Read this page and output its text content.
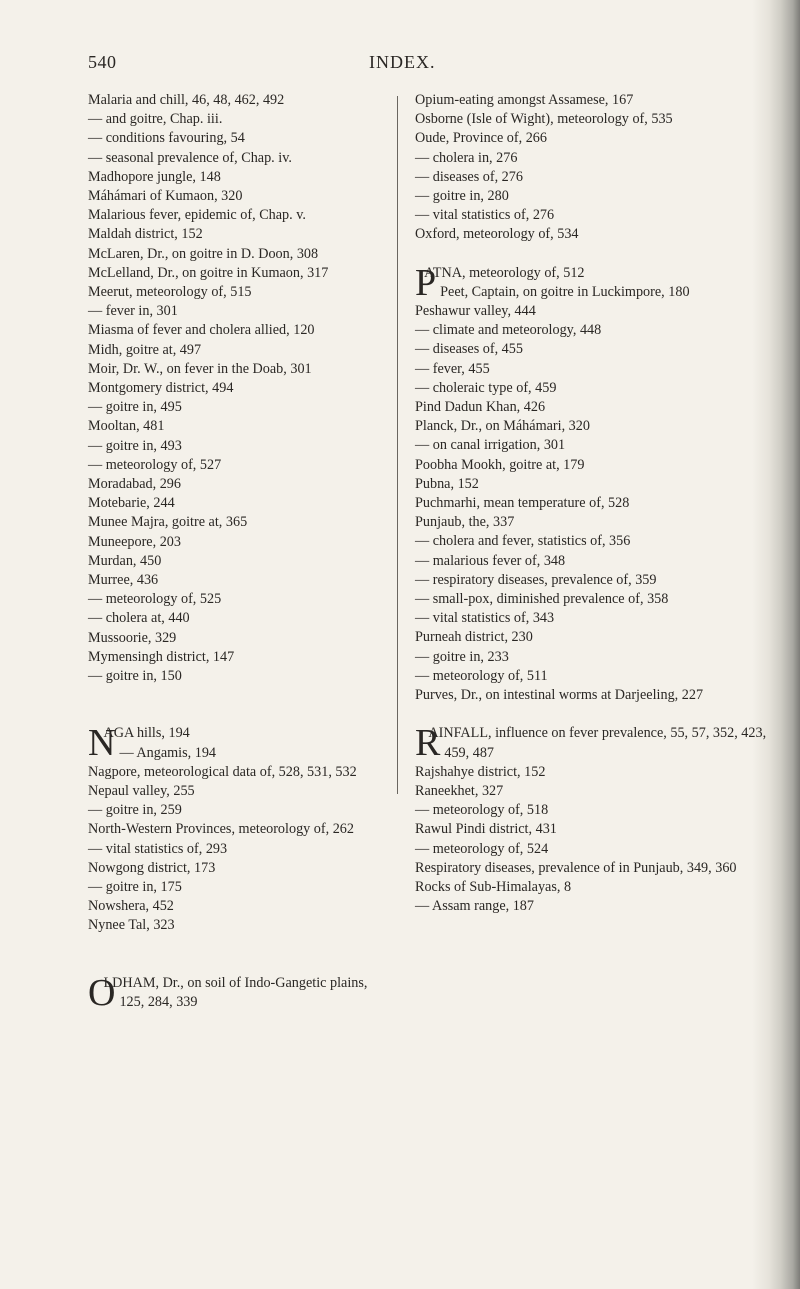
540	INDEX.
Malaria and chill, 46, 48, 462, 492
— and goitre, Chap. iii.
— conditions favouring, 54
— seasonal prevalence of, Chap. iv.
Madhopore jungle, 148
Máhámari of Kumaon, 320
Malarious fever, epidemic of, Chap. v.
Maldah district, 152
McLaren, Dr., on goitre in D. Doon, 308
McLelland, Dr., on goitre in Kumaon, 317
Meerut, meteorology of, 515
— fever in, 301
Miasma of fever and cholera allied, 120
Midh, goitre at, 497
Moir, Dr. W., on fever in the Doab, 301
Montgomery district, 494
— goitre in, 495
Mooltan, 481
— goitre in, 493
— meteorology of, 527
Moradabad, 296
Motebarie, 244
Munee Majra, goitre at, 365
Muneepore, 203
Murdan, 450
Murree, 436
— meteorology of, 525
— cholera at, 440
Mussoorie, 329
Mymensingh district, 147
— goitre in, 150
N
AGA hills, 194
— Angamis, 194
Nagpore, meteorological data of, 528, 531, 532
Nepaul valley, 255
— goitre in, 259
North-Western Provinces, meteorology of, 262
— vital statistics of, 293
Nowgong district, 173
— goitre in, 175
Nowshera, 452
Nynee Tal, 323
O
LDHAM, Dr., on soil of Indo-Gangetic plains, 125, 284, 339
Opium-eating amongst Assamese, 167
Osborne (Isle of Wight), meteorology of, 535
Oude, Province of, 266
— cholera in, 276
— diseases of, 276
— goitre in, 280
— vital statistics of, 276
Oxford, meteorology of, 534
P
ATNA, meteorology of, 512
Peet, Captain, on goitre in Luckimpore, 180
Peshawur valley, 444
— climate and meteorology, 448
— diseases of, 455
— fever, 455
— choleraic type of, 459
Pind Dadun Khan, 426
Planck, Dr., on Máhámari, 320
— on canal irrigation, 301
Poobha Mookh, goitre at, 179
Pubna, 152
Puchmarhi, mean temperature of, 528
Punjaub, the, 337
— cholera and fever, statistics of, 356
— malarious fever of, 348
— respiratory diseases, prevalence of, 359
— small-pox, diminished prevalence of, 358
— vital statistics of, 343
Purneah district, 230
— goitre in, 233
— meteorology of, 511
Purves, Dr., on intestinal worms at Darjeeling, 227
R
AINFALL, influence on fever prevalence, 55, 57, 352, 423, 459, 487
Rajshahye district, 152
Raneekhet, 327
— meteorology of, 518
Rawul Pindi district, 431
— meteorology of, 524
Respiratory diseases, prevalence of in Punjaub, 349, 360
Rocks of Sub-Himalayas, 8
— Assam range, 187
